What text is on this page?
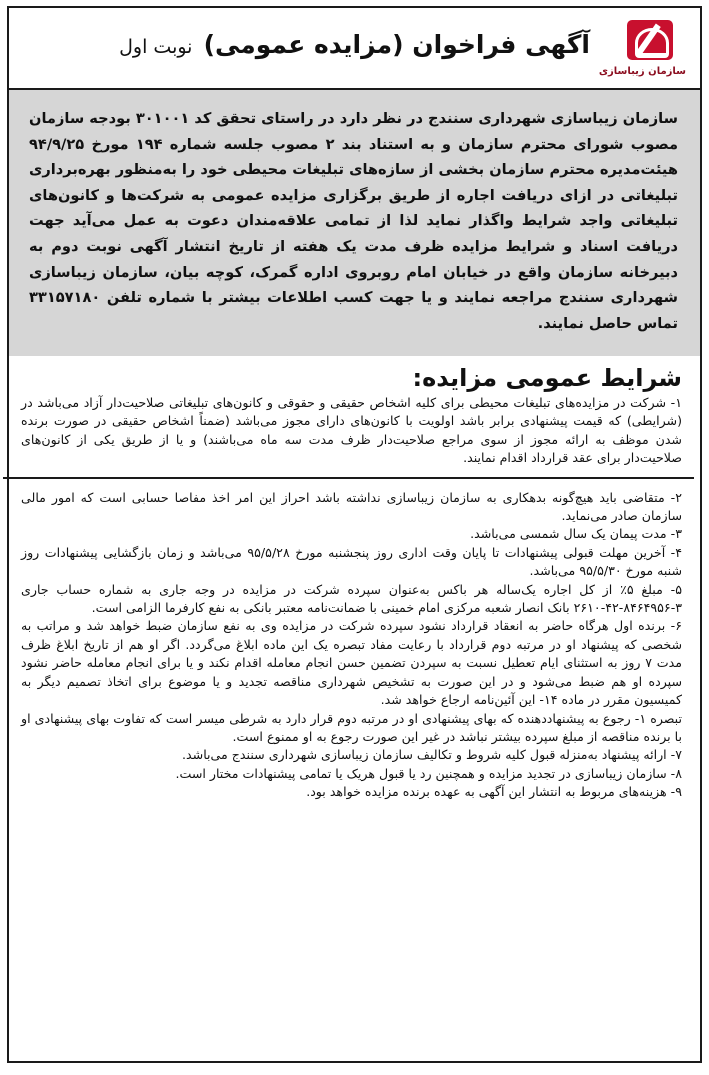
سازمان زیباسازی
آگهی فراخوان (مزایده عمومی) نوبت اول
سازمان زیباسازی شهرداری سنندج در نظر دارد در راستای تحقق کد ۳۰۱۰۰۱ بودجه سازمان مصوب شورای محترم سازمان و به استناد بند ۲ مصوب جلسه شماره ۱۹۴ مورخ ۹۴/۹/۲۵ هیئت‌مدیره محترم سازمان بخشی از سازه‌های تبلیغات محیطی خود را به‌منظور بهره‌برداری تبلیغاتی در ازای دریافت اجاره از طریق برگزاری مزایده عمومی به شرکت‌ها و کانون‌های تبلیغاتی واجد شرایط واگذار نماید لذا از تمامی علاقه‌مندان دعوت به عمل می‌آید جهت دریافت اسناد و شرایط مزایده ظرف مدت یک هفته از تاریخ انتشار آگهی نوبت دوم به دبیرخانه سازمان واقع در خیابان امام روبروی اداره گمرک، کوچه بیان، سازمان زیباسازی شهرداری سنندج مراجعه نمایند و یا جهت کسب اطلاعات بیشتر با شماره تلفن ۳۳۱۵۷۱۸۰ تماس حاصل نمایند.
شرایط عمومی مزایده:

۱- شرکت در مزایده‌های تبلیغات محیطی برای کلیه اشخاص حقیقی و حقوقی و کانون‌های تبلیغاتی صلاحیت‌دار آزاد می‌باشد در (شرایطی) که قیمت پیشنهادی برابر باشد اولویت با کانون‌های دارای مجوز می‌باشد (ضمناً اشخاص حقیقی در صورت برنده شدن موظف به ارائه مجوز از سوی مراجع صلاحیت‌دار ظرف مدت سه ماه می‌باشند) و یا از طریق یکی از کانون‌های صلاحیت‌دار برای عقد قرارداد اقدام نمایند.

۲- متقاضی باید هیچ‌گونه بدهکاری به سازمان زیباسازی نداشته باشد احراز این امر اخذ مفاصا حسابی است که امور مالی سازمان صادر می‌نماید.

۳- مدت پیمان یک سال شمسی می‌باشد.

۴- آخرین مهلت قبولی پیشنهادات تا پایان وقت اداری روز پنجشنبه مورخ ۹۵/۵/۲۸ می‌باشد و زمان بازگشایی پیشنهادات روز شنبه مورخ ۹۵/۵/۳۰ می‌باشد.

۵- مبلغ ۵٪ از کل اجاره یک‌ساله هر باکس به‌عنوان سپرده شرکت در مزایده در وجه جاری به شماره حساب جاری ۳-۸۴۶۴۹۵۶-۴۲-۲۶۱۰ بانک انصار شعبه مرکزی امام خمینی با ضمانت‌نامه معتبر بانکی به نفع کارفرما الزامی است.

۶- برنده اول هرگاه حاضر به انعقاد قرارداد نشود سپرده شرکت در مزایده وی به نفع سازمان ضبط خواهد شد و مراتب به شخصی که پیشنهاد او در مرتبه دوم قرارداد با رعایت مفاد تبصره یک این ماده ابلاغ می‌گردد. اگر او هم از تاریخ ابلاغ ظرف مدت ۷ روز به استثنای ایام تعطیل نسبت به سپردن تضمین حسن انجام معامله اقدام نکند و یا برای انجام معامله حاضر نشود سپرده او هم ضبط می‌شود و در این صورت به تشخیص شهرداری مناقصه تجدید و یا موضوع برای اتخاذ تصمیم دیگر به کمیسیون مقرر در ماده ۱۴- این آئین‌نامه ارجاع خواهد شد.

تبصره ۱- رجوع به پیشنهاددهنده که بهای پیشنهادی او در مرتبه دوم قرار دارد به شرطی میسر است که تفاوت بهای پیشنهادی او با برنده مناقصه از مبلغ سپرده بیشتر نباشد در غیر این صورت رجوع به او ممنوع است.

۷- ارائه پیشنهاد به‌منزله قبول کلیه شروط و تکالیف سازمان زیباسازی شهرداری سنندج می‌باشد.

۸- سازمان زیباسازی در تجدید مزایده و همچنین رد یا قبول هریک یا تمامی پیشنهادات مختار است.

۹- هزینه‌های مربوط به انتشار این آگهی به عهده برنده مزایده خواهد بود.
